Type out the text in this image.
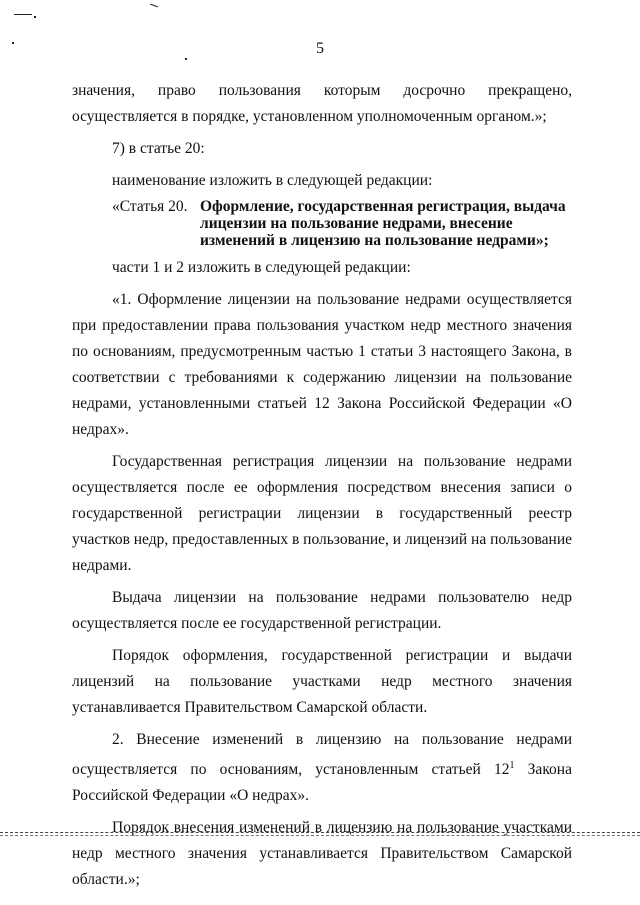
5

значения, право пользования которым досрочно прекращено,

осуществляется в порядке, установленном уполномоченным органом.»;

7) в статье 20:

наименование изложить в следующей редакции:

«Статья 20. Оформление, государственная регистрация, выдача лицензии на пользование недрами, внесение изменений в лицензию на пользование недрами»;

части 1 и 2 изложить в следующей редакции:

«1. Оформление лицензии на пользование недрами осуществляется при предоставлении права пользования участком недр местного значения по основаниям, предусмотренным частью 1 статьи 3 настоящего Закона, в соответствии с требованиями к содержанию лицензии на пользование недрами, установленными статьей 12 Закона Российской Федерации «О недрах».

Государственная регистрация лицензии на пользование недрами осуществляется после ее оформления посредством внесения записи о государственной регистрации лицензии в государственный реестр участков недр, предоставленных в пользование, и лицензий на пользование недрами.

Выдача лицензии на пользование недрами пользователю недр осуществляется после ее государственной регистрации.

Порядок оформления, государственной регистрации и выдачи лицензий на пользование участками недр местного значения устанавливается Правительством Самарской области.

2. Внесение изменений в лицензию на пользование недрами осуществляется по основаниям, установленным статьей $12^1$ Закона Российской Федерации «О недрах».

Порядок внесения изменений в лицензию на пользование участками недр местного значения устанавливается Правительством Самарской области.»;
